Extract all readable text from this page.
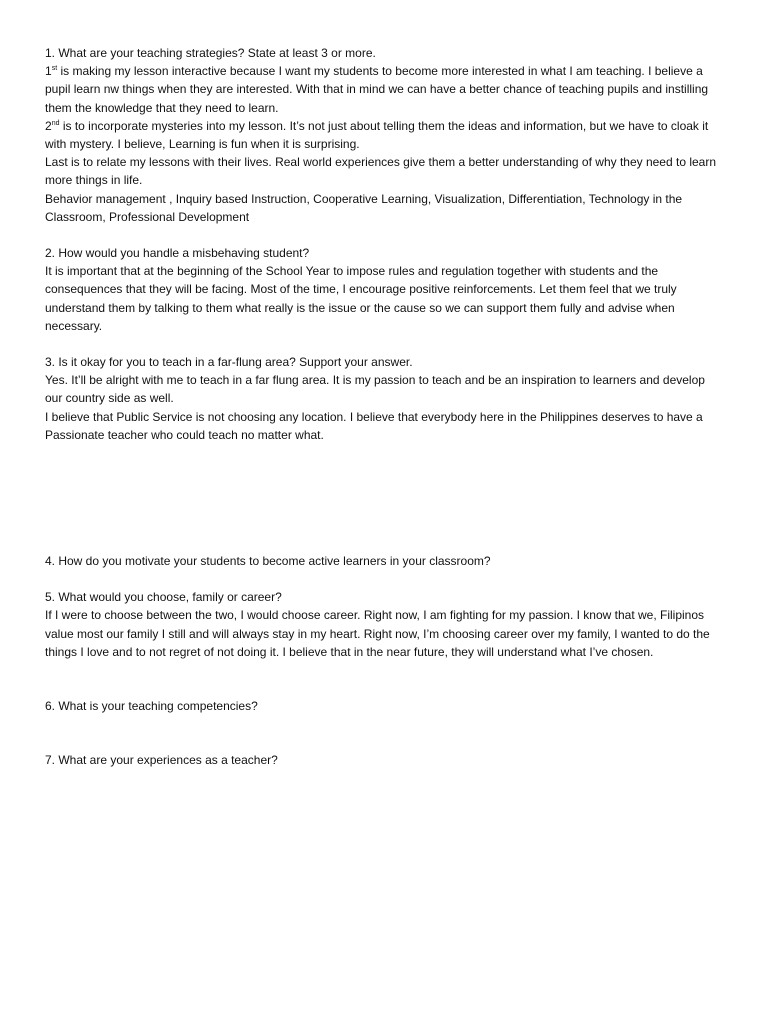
1. What are your teaching strategies? State at least 3 or more.

1st is making my lesson interactive because I want my students to become more interested in what I am teaching. I believe a pupil learn nw things when they are interested. With that in mind we can have a better chance of teaching pupils and instilling them the knowledge that they need to learn.

2nd is to incorporate mysteries into my lesson. It’s not just about telling them the ideas and information, but we have to cloak it with mystery. I believe, Learning is fun when it is surprising.

Last is to relate my lessons with their lives. Real world experiences give them a better understanding of why they need to learn more things in life.

Behavior management , Inquiry based Instruction, Cooperative Learning, Visualization, Differentiation, Technology in the Classroom, Professional Development

2. How would you handle a misbehaving student?

It is important that at the beginning of the School Year to impose rules and regulation together with students and the consequences that they will be facing. Most of the time, I encourage positive reinforcements. Let them feel that we truly understand them by talking to them what really is the issue or the cause so we can support them fully and advise when necessary.

3. Is it okay for you to teach in a far-flung area? Support your answer.

Yes. It’ll be alright with me to teach in a far flung area. It is my passion to teach and be an inspiration to learners and develop our country side as well.

I believe that Public Service is not choosing any location. I believe that everybody here in the Philippines deserves to have a Passionate teacher who could teach no matter what.

4. How do you motivate your students to become active learners in your classroom?

5. What would you choose, family or career?

If I were to choose between the two, I would choose career. Right now, I am fighting for my passion. I know that we, Filipinos value most our family I still and will always stay in my heart. Right now, I’m choosing career over my family, I wanted to do the things I love and to not regret of not doing it. I believe that in the near future, they will understand what I’ve chosen.

6. What is your teaching competencies?

7. What are your experiences as a teacher?
